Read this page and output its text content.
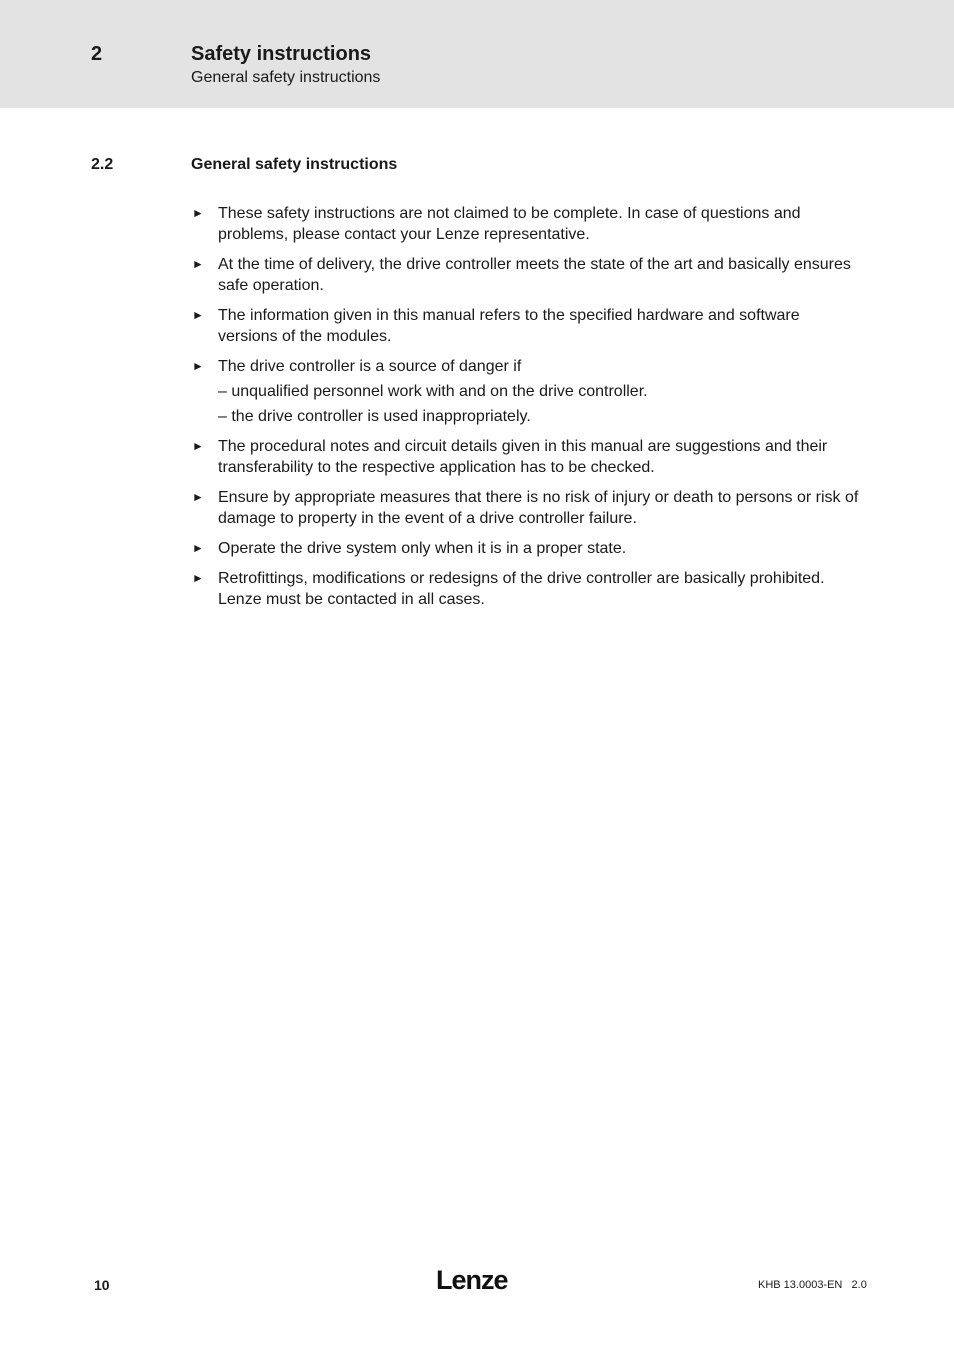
2	Safety instructions
General safety instructions
2.2	General safety instructions
► These safety instructions are not claimed to be complete. In case of questions and problems, please contact your Lenze representative.
► At the time of delivery, the drive controller meets the state of the art and basically ensures safe operation.
► The information given in this manual refers to the specified hardware and software versions of the modules.
► The drive controller is a source of danger if
– unqualified personnel work with and on the drive controller.
– the drive controller is used inappropriately.
► The procedural notes and circuit details given in this manual are suggestions and their transferability to the respective application has to be checked.
► Ensure by appropriate measures that there is no risk of injury or death to persons or risk of damage to property in the event of a drive controller failure.
► Operate the drive system only when it is in a proper state.
► Retrofittings, modifications or redesigns of the drive controller are basically prohibited. Lenze must be contacted in all cases.
10	Lenze	KHB 13.0003-EN   2.0
